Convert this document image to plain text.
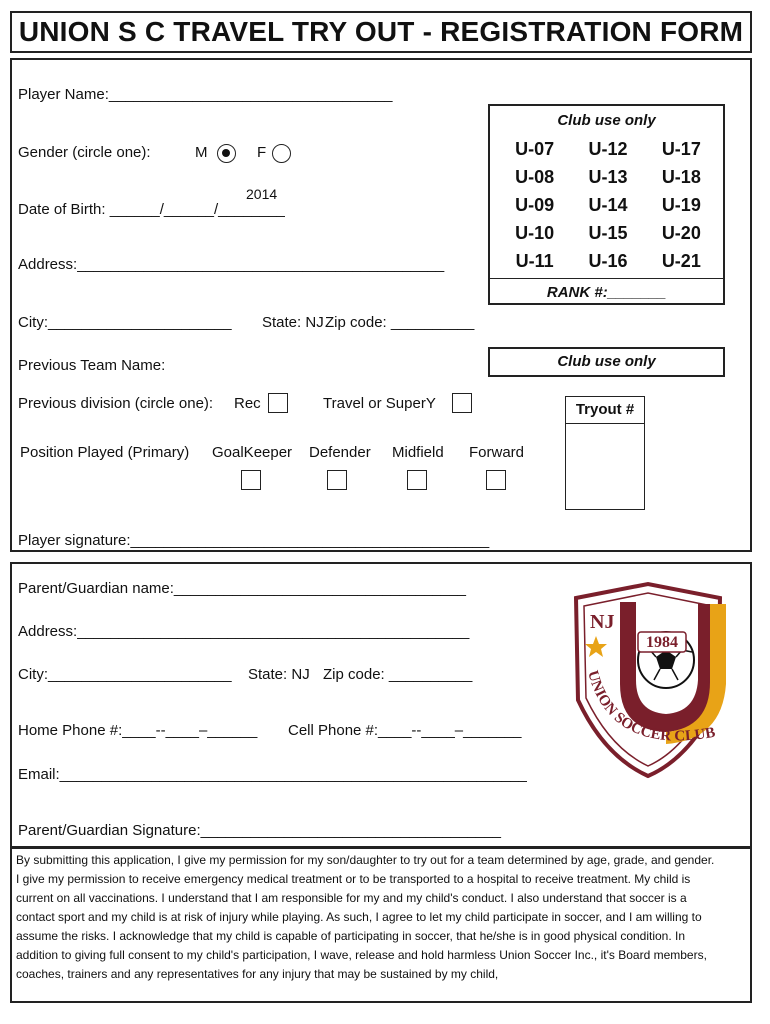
UNION S C TRAVEL TRY OUT - REGISTRATION FORM
Player Name:__________________________________
Gender (circle one):	M	F
2014
Date of Birth: ______/______/________
Address:____________________________________________
City:______________________ State: NJ Zip code: __________
Previous Team Name:
Previous division (circle one): Rec	Travel or SuperY
Position Played (Primary) GoalKeeper Defender Midfield Forward
Player signature:___________________________________________
Club use only
U-07	U-12	U-17
U-08	U-13	U-18
U-09	U-14	U-19
U-10	U-15	U-20
U-11	U-16	U-21
RANK #:_______
Club use only
Tryout #
Parent/Guardian name:___________________________________
Address:_______________________________________________
City:______________________ State: NJ Zip code: __________
Home Phone #:____--____–______ Cell Phone #:____--____–_______
Email:________________________________________________________
Parent/Guardian Signature:____________________________________
NJ
1984
UNION SOCCER CLUB
By submitting this application, I give my permission for my son/daughter to try out for a team determined by age, grade, and gender. I give my permission to receive emergency medical treatment or to be transported to a hospital to receive treatment. My child is current on all vaccinations. I understand that I am responsible for my and my child's conduct. I also understand that soccer is a contact sport and my child is at risk of injury while playing. As such, I agree to let my child participate in soccer, and I am willing to assume the risks. I acknowledge that my child is capable of participating in soccer, that he/she is in good physical condition. In addition to giving full consent to my child's participation, I wave, release and hold harmless Union Soccer Inc., it's Board members, coaches, trainers and any representatives for any injury that may be sustained by my child,
